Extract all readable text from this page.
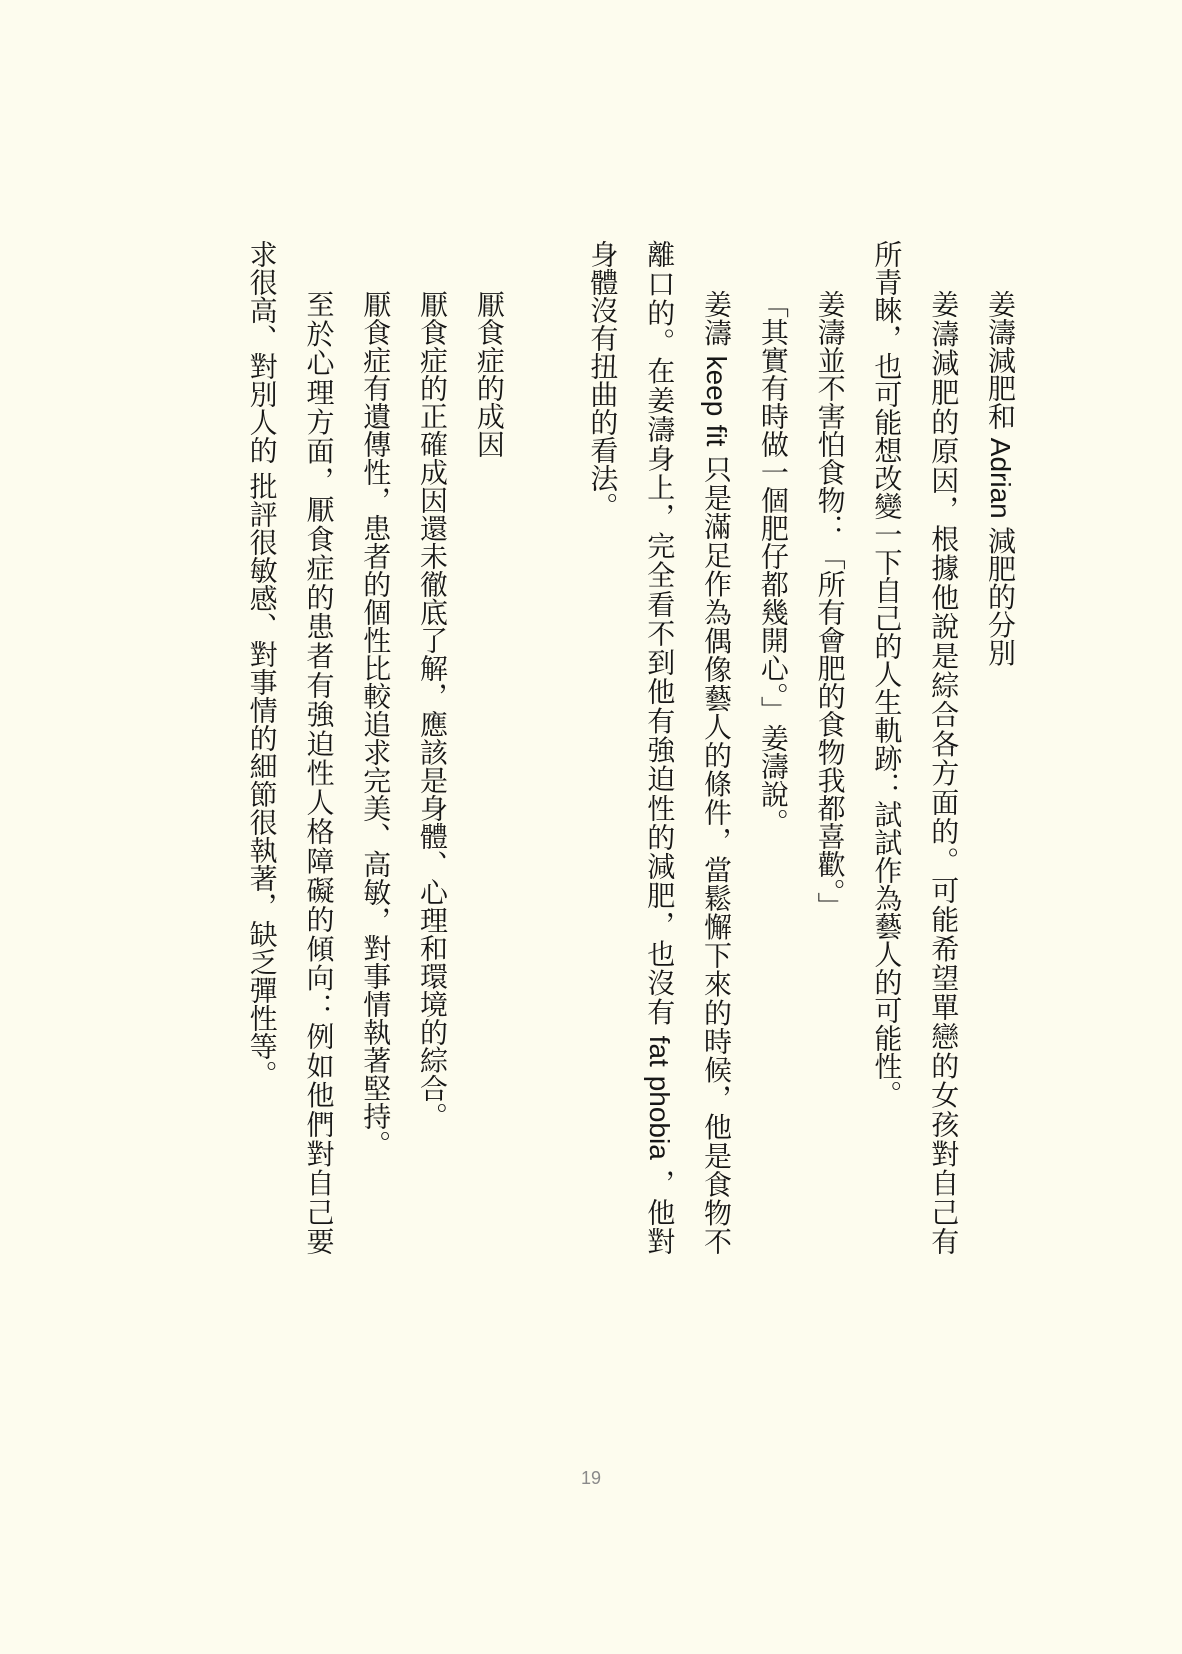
姜濤減肥和 Adrian 減肥的分別
姜濤減肥的原因，根據他說是綜合各方面的。可能希望單戀的女孩對自己有
所青睞，也可能想改變一下自己的人生軌跡：試試作為藝人的可能性。
姜濤並不害怕食物：「所有會肥的食物我都喜歡。」
「其實有時做一個肥仔都幾開心。」姜濤說。
姜濤 keep fit 只是滿足作為偶像藝人的條件，當鬆懈下來的時候，他是食物不
離口的。在姜濤身上，完全看不到他有強迫性的減肥，也沒有 fat phobia ，他對
身體沒有扭曲的看法。
厭食症的成因
厭食症的正確成因還未徹底了解，應該是身體、心理和環境的綜合。
厭食症有遺傳性，患者的個性比較追求完美、高敏，對事情執著堅持。
至於心理方面，厭食症的患者有強迫性人格障礙的傾向：例如他們對自己要
求很高、對別人的 批評很敏感、對事情的細節很執著，缺乏彈性等。
19
